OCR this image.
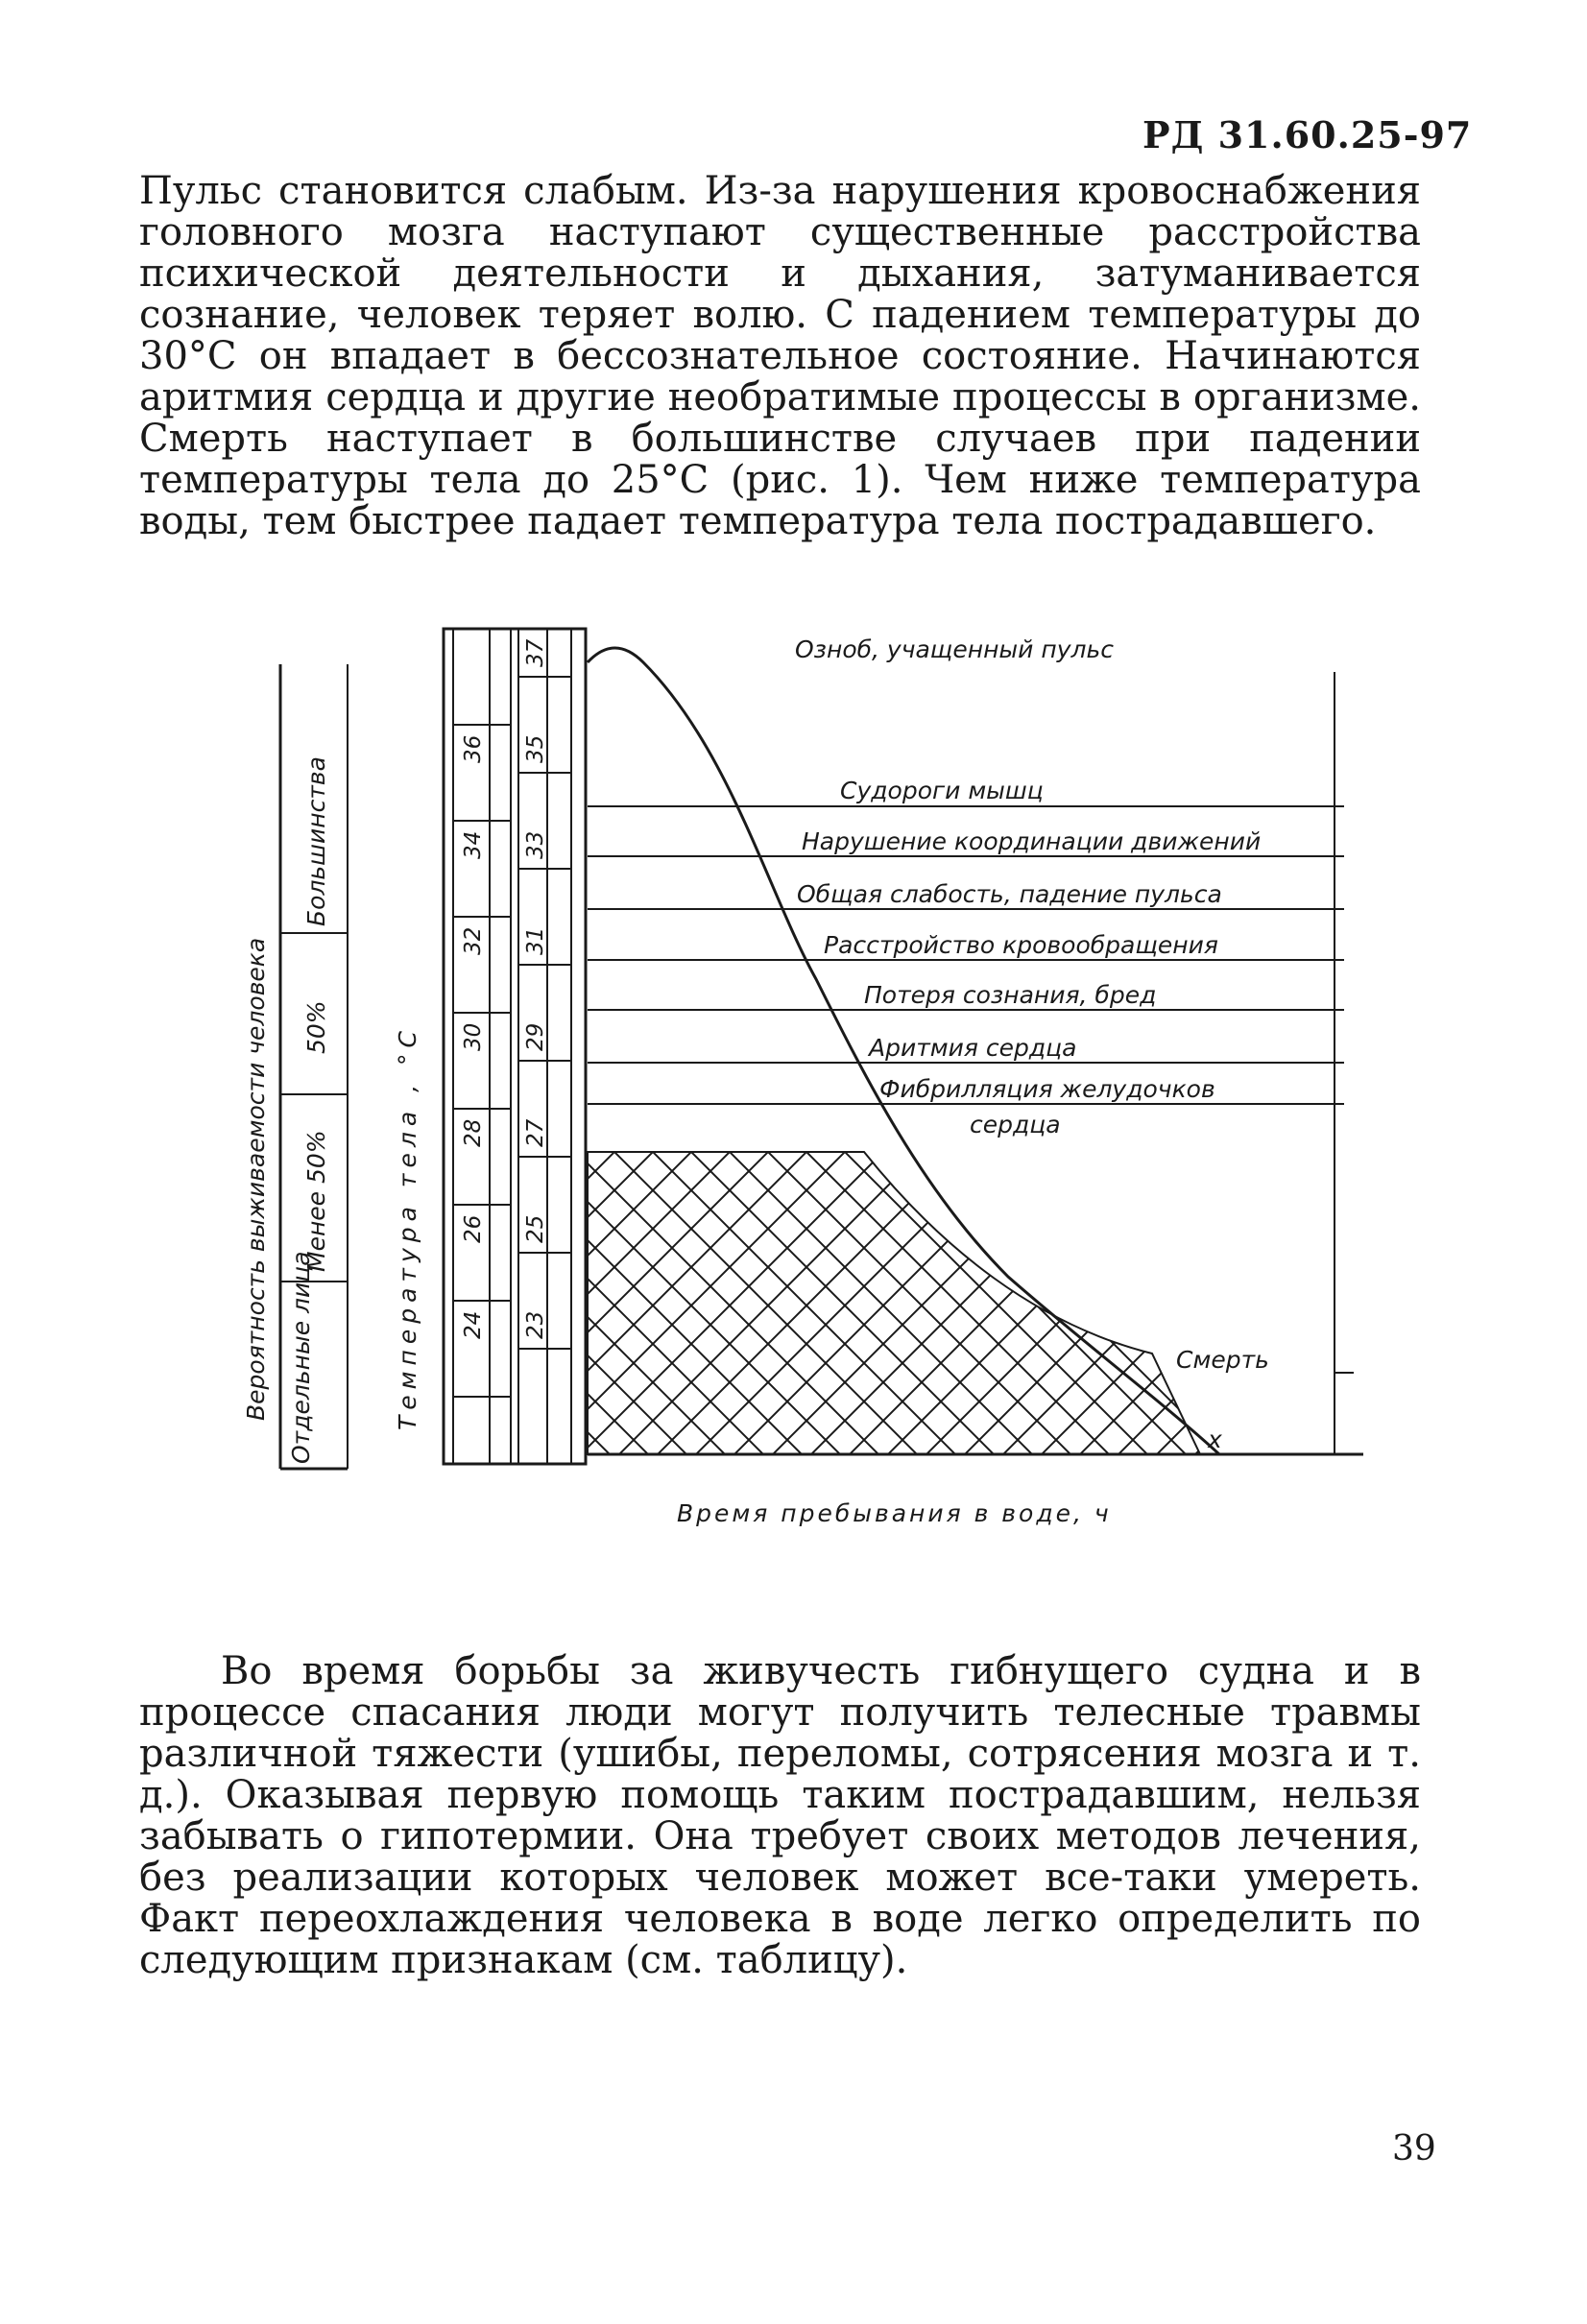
РД 31.60.25-97

Пульс становится слабым. Из-за нарушения кровоснабжения головного мозга наступают существенные расстройства психической деятельности и дыхания, затуманивается сознание, человек теряет волю. С падением температуры до 30°С он впадает в бессознательное состояние. Начинаются аритмия сердца и другие необратимые процессы в организме. Смерть наступает в большинстве случаев при падении температуры тела до 25°С (рис. 1). Чем ниже температура воды, тем быстрее падает температура тела пострадавшего.

Вероятность выживаемости человека
Большинства
50%
Менее 50%
Отдельные лица	Температура тела , °С
36
34
32
30
28
26
24
37
35
33
31
29
27
25
23
Озноб, учащенный пульс
Судороги мышц
Нарушение координации движений
Общая слабость, падение пульса
Расстройство кровообращения
Потеря сознания, бред
Аритмия сердца
Фибрилляция желудочков
сердца
Смерть
x
Время пребывания в воде, ч

Во время борьбы за живучесть гибнущего судна и в процессе спасания люди могут получить телесные травмы различной тяжести (ушибы, переломы, сотрясения мозга и т. д.). Оказывая первую помощь таким пострадавшим, нельзя забывать о гипотермии. Она требует своих методов лечения, без реализации которых человек может все-таки умереть. Факт переохлаждения человека в воде легко определить по следующим признакам (см. таблицу).

39
